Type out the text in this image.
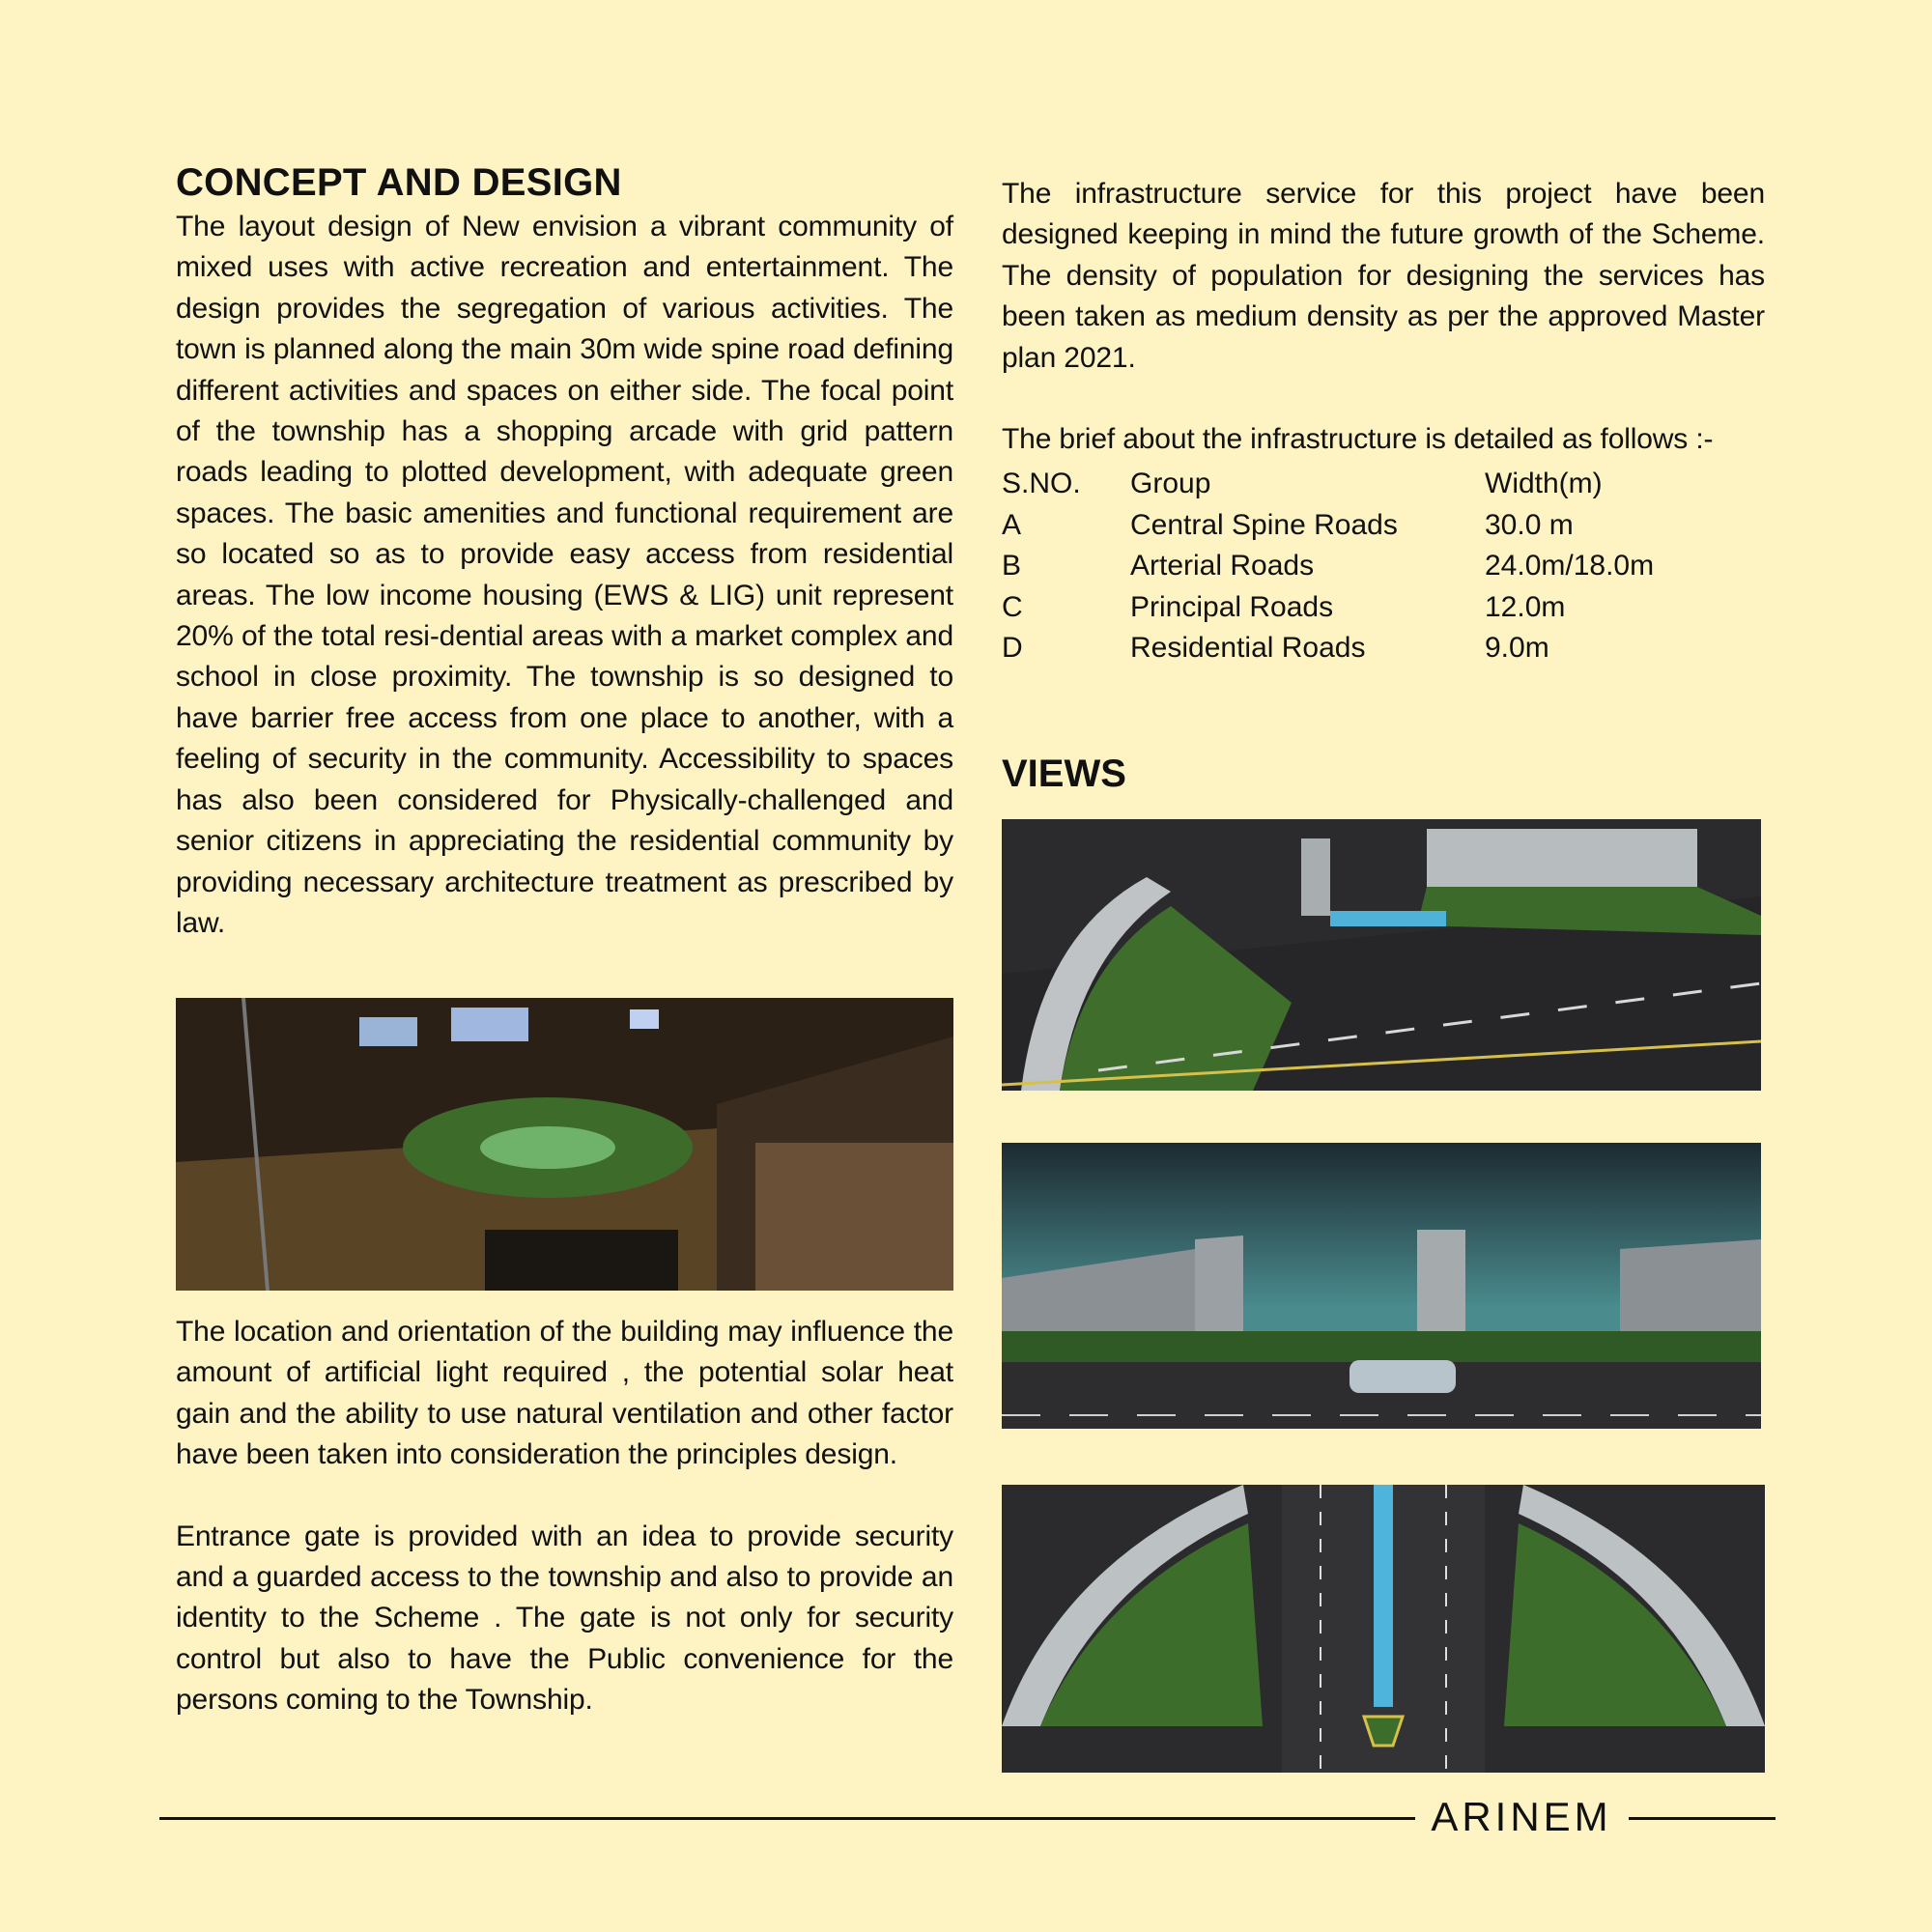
CONCEPT AND DESIGN

The layout design of New envision a vibrant community of mixed uses with active recreation and entertainment. The design provides the segregation of various activities. The town is planned along the main 30m wide spine road defining different activities and spaces on either side. The focal point of the township has a shopping arcade with grid pattern roads leading to plotted development, with adequate green spaces. The basic amenities and functional requirement are so located so as to provide easy access from residential areas. The low income housing (EWS & LIG) unit represent 20% of the total resi-dential areas with a market complex and school in close proximity. The township is so designed to have barrier free access from one place to another, with a feeling of security in the community. Accessibility to spaces has also been considered for Physically-challenged and senior citizens in appreciating the residential community by providing necessary architecture treatment as prescribed by law.

The location and orientation of the building may influence the amount of artificial light required , the potential solar heat gain and the ability to use natural ventilation and other factor have been taken into consideration the principles design.

Entrance gate is provided with an idea to provide security and a guarded access to the township and also to provide an identity to the Scheme . The gate is not only for security control but also to have the Public convenience for the persons coming to the Township.

The infrastructure service for this project have been designed keeping in mind the future growth of the Scheme. The density of population for designing the services has been taken as medium density as per the approved Master plan 2021.

The brief about the infrastructure is detailed as follows :-

S.NO. Group	Width(m)
A	Central Spine Roads	30.0 m
B	Arterial Roads	24.0m/18.0m
C	Principal Roads	12.0m
D	Residential Roads	9.0m
VIEWS
ARINEM
